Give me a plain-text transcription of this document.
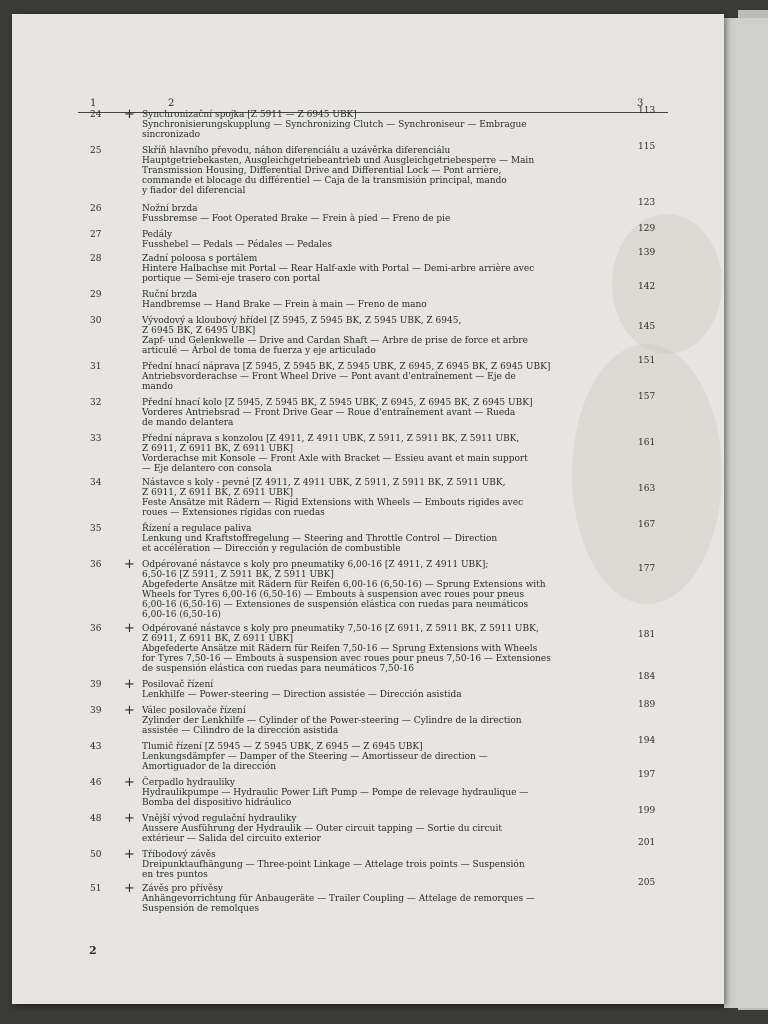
1	2	3
24 + Synchronizační spojka [Z 5911 — Z 6945 UBK]
Synchronisierungskupplung — Synchronizing Clutch — Synchroniseur — Embrague
sincronizado
113
25	Skříň hlavního převodu, náhon diferenciálu a uzávěrka diferenciálu
Hauptgetriebekasten, Ausgleichgetriebeantrieb und Ausgleichgetriebesperre — Main
Transmission Housing, Differential Drive and Differential Lock — Pont arrière,
commande et blocage du différentiel — Caja de la transmisión principal, mando
y fiador del diferencial
115
26	Nožní brzda
Fussbremse — Foot Operated Brake — Frein à pied — Freno de pie
123
27	Pedály
Fusshebel — Pedals — Pédales — Pedales
129
28	Zadní poloosa s portálem
Hintere Halbachse mit Portal — Rear Half-axle with Portal — Demi-arbre arrière avec
portique — Semi-eje trasero con portal
139
29	Ruční brzda
Handbremse — Hand Brake — Frein à main — Freno de mano
142
30	Vývodový a kloubový hřídel [Z 5945, Z 5945 BK, Z 5945 UBK, Z 6945,
Z 6945 BK, Z 6495 UBK]
Zapf- und Gelenkwelle — Drive and Cardan Shaft — Arbre de prise de force et arbre
articulé — Árbol de toma de fuerza y eje articulado
145
31	Přední hnací náprava [Z 5945, Z 5945 BK, Z 5945 UBK, Z 6945, Z 6945 BK, Z 6945 UBK]
Antriebsvorderachse — Front Wheel Drive — Pont avant d'entraînement — Eje de
mando
151
32	Přední hnací kolo [Z 5945, Z 5945 BK, Z 5945 UBK, Z 6945, Z 6945 BK, Z 6945 UBK]
Vorderes Antriebsrad — Front Drive Gear — Roue d'entraînement avant — Rueda
de mando delantera
157
33	Přední náprava s konzolou [Z 4911, Z 4911 UBK, Z 5911, Z 5911 BK, Z 5911 UBK,
Z 6911, Z 6911 BK, Z 6911 UBK]
Vorderachse mit Konsole — Front Axle with Bracket — Essieu avant et main support
— Eje delantero con consola
161
34	Nástavce s koly - pevné [Z 4911, Z 4911 UBK, Z 5911, Z 5911 BK, Z 5911 UBK,
Z 6911, Z 6911 BK, Z 6911 UBK]
Feste Ansätze mit Rädern — Rigid Extensions with Wheels — Embouts rigides avec
roues — Extensiones rígidas con ruedas
163
35	Řízení a regulace paliva
Lenkung und Kraftstoffregelung — Steering and Throttle Control — Direction
et accélération — Dirección y regulación de combustible
167
36 + Odpérované nástavce s koly pro pneumatiky 6,00-16 [Z 4911, Z 4911 UBK];
6,50-16 [Z 5911, Z 5911 BK, Z 5911 UBK]
Abgefederte Ansätze mit Rädern für Reifen 6,00-16 (6,50-16) — Sprung Extensions with
Wheels for Tyres 6,00-16 (6,50-16) — Embouts à suspension avec roues pour pneus
6,00-16 (6,50-16) — Extensiones de suspensión elástica con ruedas para neumáticos
6,00-16 (6,50-16)
177
36 + Odpérované nástavce s koly pro pneumatiky 7,50-16 [Z 6911, Z 5911 BK, Z 5911 UBK,
Z 6911, Z 6911 BK, Z 6911 UBK]
Abgefederte Ansätze mit Rädern für Reifen 7,50-16 — Sprung Extensions with Wheels
for Tyres 7,50-16 — Embouts à suspension avec roues pour pneus 7,50-16 — Extensiones
de suspensión elástica con ruedas para neumáticos 7,50-16
181
39 + Posilovač řízení
Lenkhilfe — Power-steering — Direction assistée — Dirección asistida
184
39 + Válec posilovače řízení
Zylinder der Lenkhilfe — Cylinder of the Power-steering — Cylindre de la direction
assistée — Cilindro de la dirección asistida
189
43	Tlumič řízení [Z 5945 — Z 5945 UBK, Z 6945 — Z 6945 UBK]
Lenkungsdämpfer — Damper of the Steering — Amortisseur de direction —
Amortiguador de la dirección
194
46 + Čerpadlo hydrauliky
Hydraulikpumpe — Hydraulic Power Lift Pump — Pompe de relevage hydraulique —
Bomba del dispositivo hidráulico
197
48 + Vnější vývod regulační hydrauliky
Aussere Ausführung der Hydraulik — Outer circuit tapping — Sortie du circuit
extérieur — Salida del circuito exterior
199
50 + Tříbodový závěs
Dreipunktaufhängung — Three-point Linkage — Attelage trois points — Suspensión
en tres puntos
201
51 + Závěs pro přívěsy
Anhängevorrichtung für Anbaugeräte — Trailer Coupling — Attelage de remorques —
Suspensión de remolques
205
2
